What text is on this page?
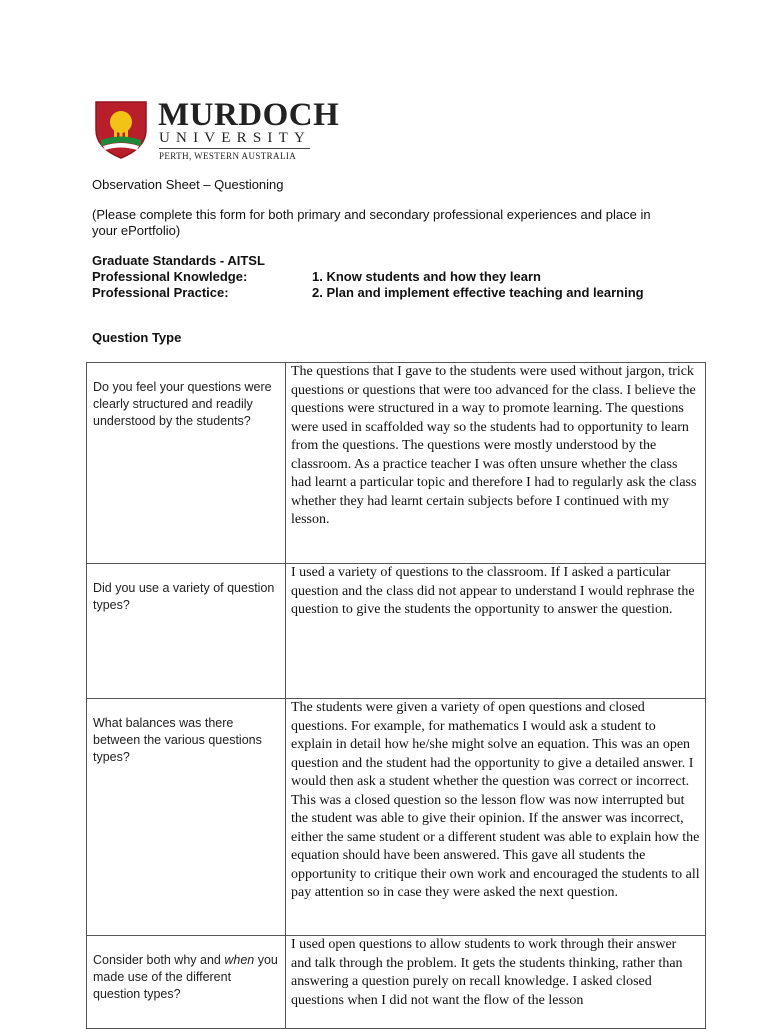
MURDOCH
UNIVERSITY
PERTH, WESTERN AUSTRALIA
Observation Sheet – Questioning
(Please complete this form for both primary and secondary professional experiences and place in your ePortfolio)
Graduate Standards - AITSL
Professional Knowledge:	1. Know students and how they learn
Professional Practice:	2. Plan and implement effective teaching and learning
Question Type
Do you feel your questions were clearly structured and readily understood by the students?	The questions that I gave to the students were used without jargon, trick questions or questions that were too advanced for the class. I believe the questions were structured in a way to promote learning. The questions were used in scaffolded way so the students had to opportunity to learn from the questions. The questions were mostly understood by the classroom. As a practice teacher I was often unsure whether the class had learnt a particular topic and therefore I had to regularly ask the class whether they had learnt certain subjects before I continued with my lesson.
Did you use a variety of question types?	I used a variety of questions to the classroom. If I asked a particular question and the class did not appear to understand I would rephrase the question to give the students the opportunity to answer the question.
What balances was there between the various questions types?	The students were given a variety of open questions and closed questions. For example, for mathematics I would ask a student to explain in detail how he/she might solve an equation. This was an open question and the student had the opportunity to give a detailed answer. I would then ask a student whether the question was correct or incorrect. This was a closed question so the lesson flow was now interrupted but the student was able to give their opinion. If the answer was incorrect, either the same student or a different student was able to explain how the equation should have been answered. This gave all students the opportunity to critique their own work and encouraged the students to all pay attention so in case they were asked the next question.
Consider both why and when you made use of the different question types?	I used open questions to allow students to work through their answer and talk through the problem. It gets the students thinking, rather than answering a question purely on recall knowledge. I asked closed questions when I did not want the flow of the lesson
